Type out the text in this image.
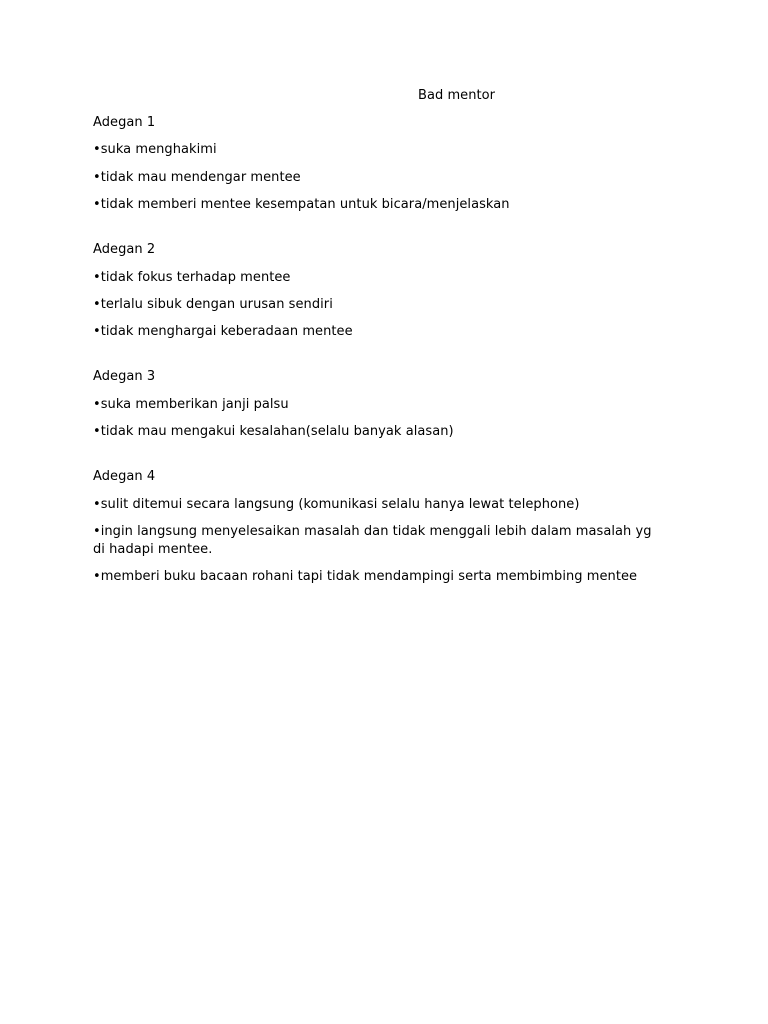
Bad mentor

Adegan 1

•suka menghakimi

•tidak mau mendengar mentee

•tidak memberi mentee kesempatan untuk bicara/menjelaskan

Adegan 2

•tidak fokus terhadap mentee

•terlalu sibuk dengan urusan sendiri

•tidak menghargai keberadaan mentee

Adegan 3

•suka memberikan janji palsu

•tidak mau mengakui kesalahan(selalu banyak alasan)

Adegan 4

•sulit ditemui secara langsung (komunikasi selalu hanya lewat telephone)

•ingin langsung menyelesaikan masalah dan tidak menggali lebih dalam masalah yg di hadapi mentee.

•memberi buku bacaan rohani tapi tidak mendampingi serta membimbing mentee
